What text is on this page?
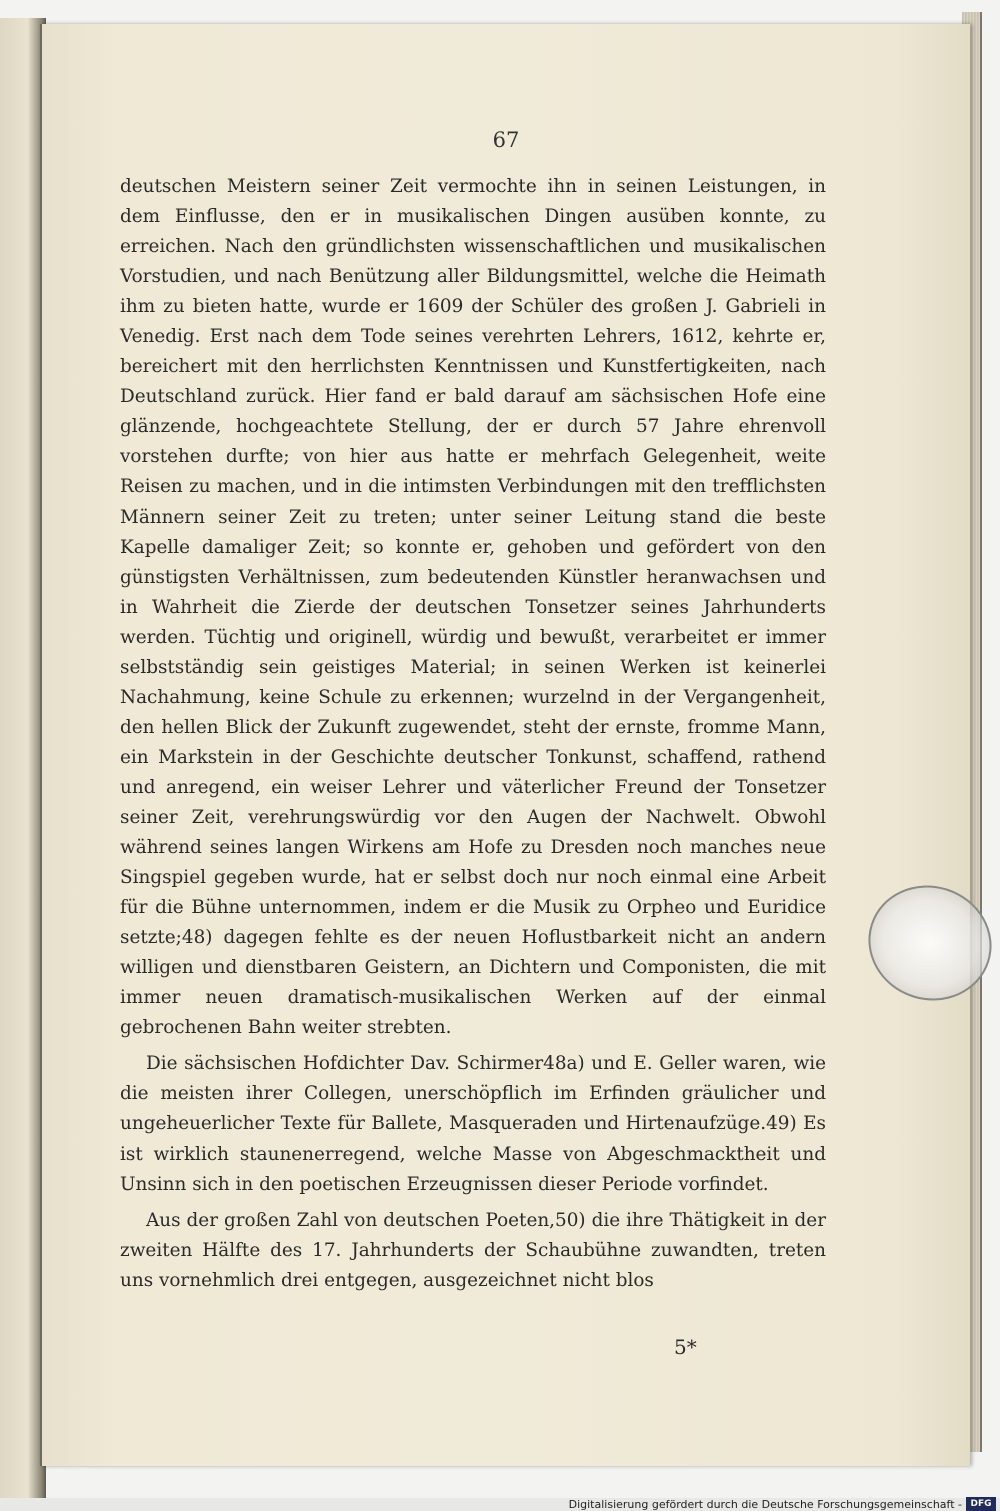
67

deutschen Meistern seiner Zeit vermochte ihn in seinen Leistungen, in dem Einflusse, den er in musikalischen Dingen ausüben konnte, zu erreichen. Nach den gründlichsten wissenschaftlichen und musikalischen Vorstudien, und nach Benützung aller Bildungsmittel, welche die Heimath ihm zu bieten hatte, wurde er 1609 der Schüler des großen J. Gabrieli in Venedig. Erst nach dem Tode seines verehrten Lehrers, 1612, kehrte er, bereichert mit den herrlichsten Kenntnissen und Kunstfertigkeiten, nach Deutschland zurück. Hier fand er bald darauf am sächsischen Hofe eine glänzende, hochgeachtete Stellung, der er durch 57 Jahre ehrenvoll vorstehen durfte; von hier aus hatte er mehrfach Gelegenheit, weite Reisen zu machen, und in die intimsten Verbindungen mit den trefflichsten Männern seiner Zeit zu treten; unter seiner Leitung stand die beste Kapelle damaliger Zeit; so konnte er, gehoben und gefördert von den günstigsten Verhältnissen, zum bedeutenden Künstler heranwachsen und in Wahrheit die Zierde der deutschen Tonsetzer seines Jahrhunderts werden. Tüchtig und originell, würdig und bewußt, verarbeitet er immer selbstständig sein geistiges Material; in seinen Werken ist keinerlei Nachahmung, keine Schule zu erkennen; wurzelnd in der Vergangenheit, den hellen Blick der Zukunft zugewendet, steht der ernste, fromme Mann, ein Markstein in der Geschichte deutscher Tonkunst, schaffend, rathend und anregend, ein weiser Lehrer und väterlicher Freund der Tonsetzer seiner Zeit, verehrungswürdig vor den Augen der Nachwelt. Obwohl während seines langen Wirkens am Hofe zu Dresden noch manches neue Singspiel gegeben wurde, hat er selbst doch nur noch einmal eine Arbeit für die Bühne unternommen, indem er die Musik zu Orpheo und Euridice setzte;48) dagegen fehlte es der neuen Hoflustbarkeit nicht an andern willigen und dienstbaren Geistern, an Dichtern und Componisten, die mit immer neuen dramatisch-musikalischen Werken auf der einmal gebrochenen Bahn weiter strebten.

Die sächsischen Hofdichter Dav. Schirmer48a) und E. Geller waren, wie die meisten ihrer Collegen, unerschöpflich im Erfinden gräulicher und ungeheuerlicher Texte für Ballete, Masqueraden und Hirtenaufzüge.49) Es ist wirklich staunenerregend, welche Masse von Abgeschmacktheit und Unsinn sich in den poetischen Erzeugnissen dieser Periode vorfindet.

Aus der großen Zahl von deutschen Poeten,50) die ihre Thätigkeit in der zweiten Hälfte des 17. Jahrhunderts der Schaubühne zuwandten, treten uns vornehmlich drei entgegen, ausgezeichnet nicht blos

5*
Digitalisierung gefördert durch die Deutsche Forschungsgemeinschaft - DFG
